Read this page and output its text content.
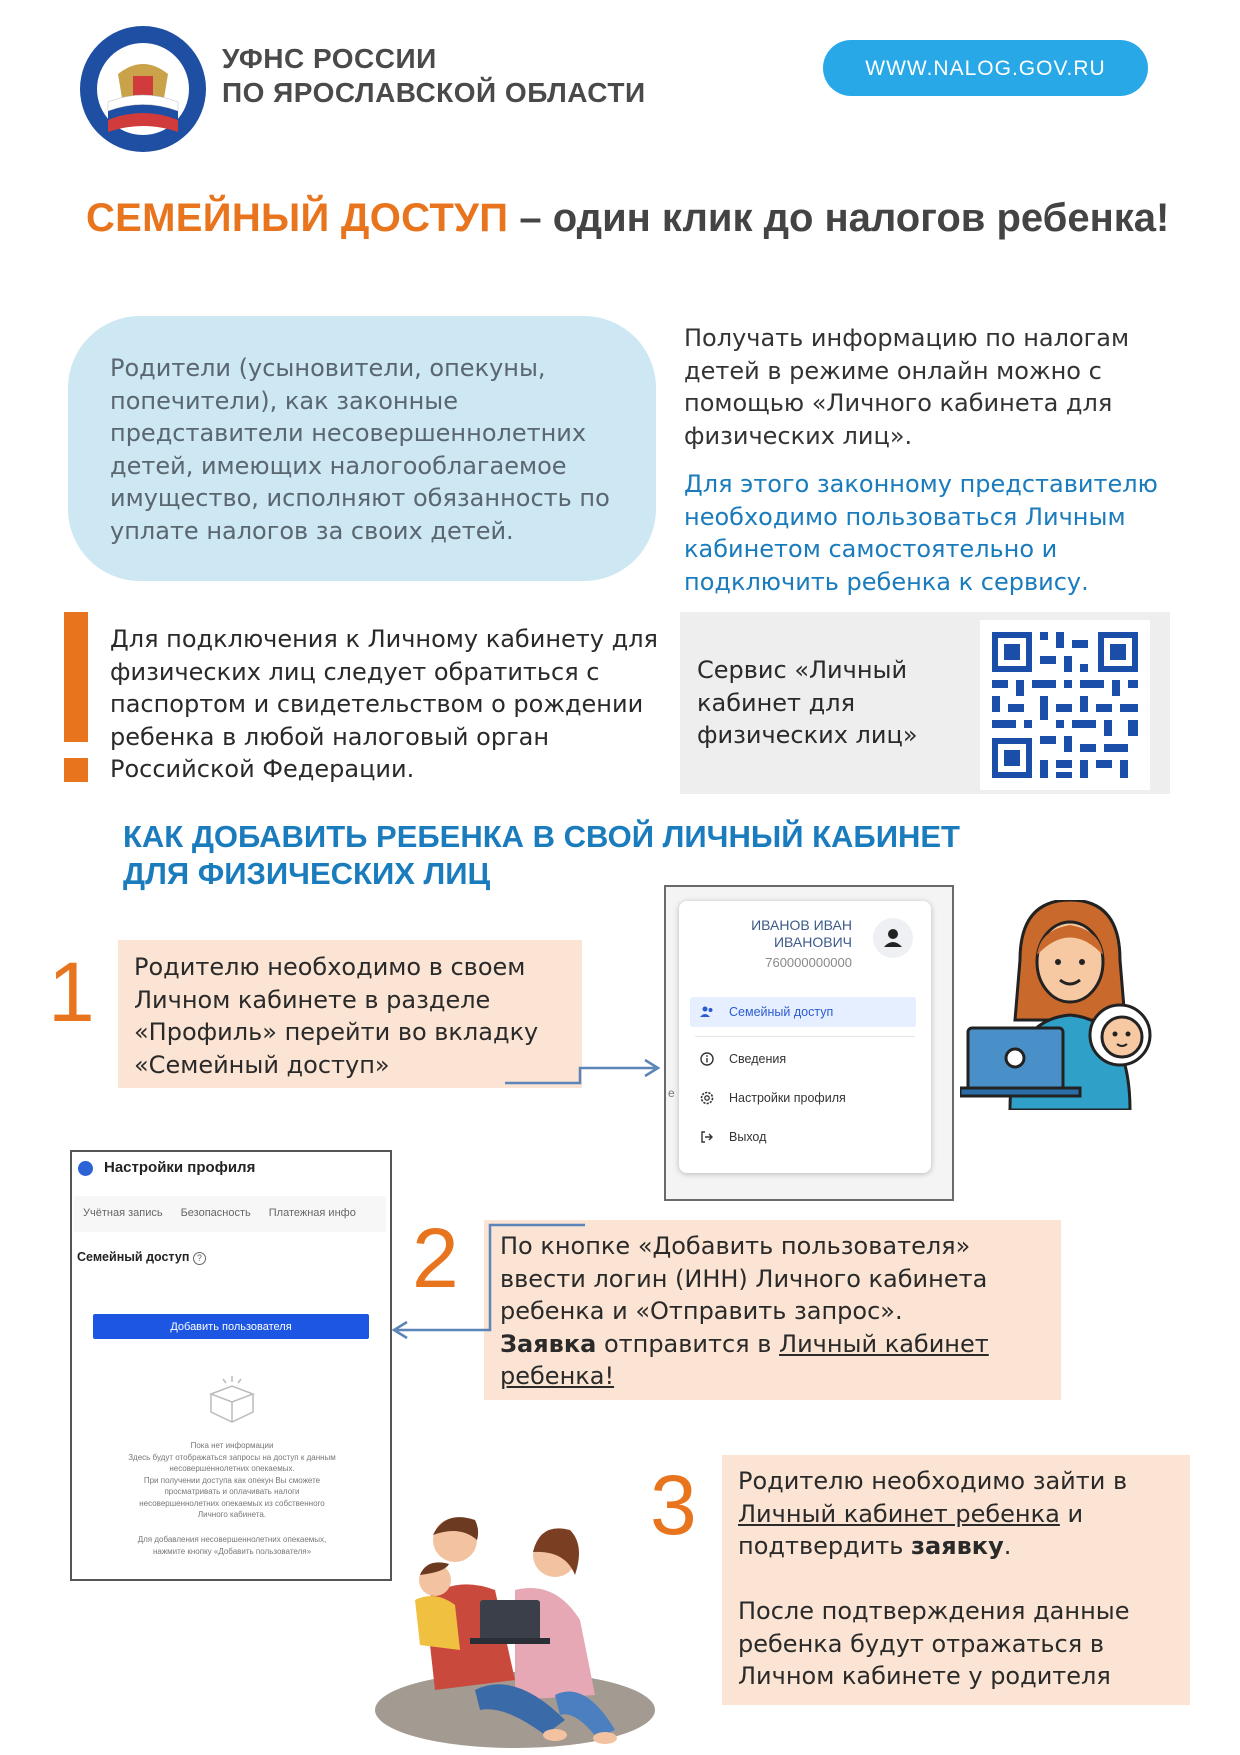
УФНС РОССИИ
ПО ЯРОСЛАВСКОЙ ОБЛАСТИ
WWW.NALOG.GOV.RU
СЕМЕЙНЫЙ ДОСТУП – один клик до налогов ребенка!
Родители (усыновители, опекуны, попечители), как законные представители несовершеннолетних детей, имеющих налогооблагаемое имущество, исполняют обязанность по уплате налогов за своих детей.
Получать информацию по налогам детей в режиме онлайн можно с помощью «Личного кабинета для физических лиц».
Для этого законному представителю необходимо пользоваться Личным кабинетом самостоятельно и подключить ребенка к сервису.
Для подключения к Личному кабинету для физических лиц следует обратиться с паспортом и свидетельством о рождении ребенка в любой налоговый орган Российской Федерации.
Сервис «Личный кабинет для физических лиц»
КАК ДОБАВИТЬ РЕБЕНКА В СВОЙ ЛИЧНЫЙ КАБИНЕТ
ДЛЯ ФИЗИЧЕСКИХ ЛИЦ
1 Родителю необходимо в своем Личном кабинете в разделе «Профиль» перейти во вкладку «Семейный доступ»
е
ИВАНОВ ИВАН
ИВАНОВИЧ
760000000000
Семейный доступ
Сведения
Настройки профиля
Выход
Настройки профиля
Учётная запись	Безопасность	Платежная инфо
Семейный доступ ?
Добавить пользователя
Пока нет информации
Здесь будут отображаться запросы на доступ к данным
несовершеннолетних опекаемых.
При получении доступа как опекун Вы сможете
просматривать и оплачивать налоги
несовершеннолетних опекаемых из собственного
Личного кабинета.
Для добавления несовершеннолетних опекаемых,
нажмите кнопку «Добавить пользователя»
2 По кнопке «Добавить пользователя» ввести логин (ИНН) Личного кабинета ребенка и «Отправить запрос».
Заявка отправится в Личный кабинет ребенка!
3 Родителю необходимо зайти в Личный кабинет ребенка и подтвердить заявку.
После подтверждения данные ребенка будут отражаться в Личном кабинете у родителя
